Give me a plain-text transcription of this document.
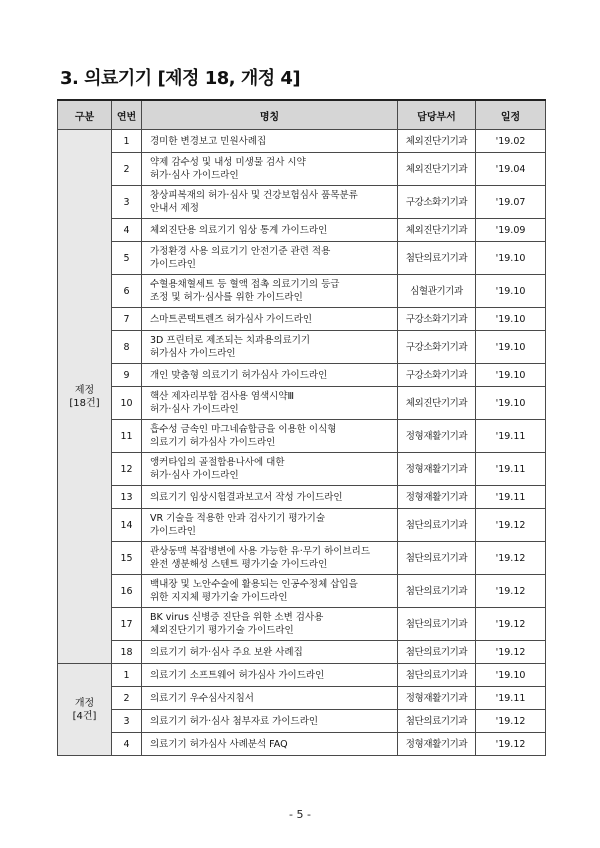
3. 의료기기 [제정 18, 개정 4]
구분	연번	명칭	담당부서	일정

제정
[18건]	1	경미한 변경보고 민원사례집	체외진단기기과	'19.02
	2	약제 감수성 및 내성 미생물 검사 시약
허가·심사 가이드라인	체외진단기기과	'19.04
	3	창상피복재의 허가·심사 및 건강보험심사 품목분류
안내서 제정	구강소화기기과	'19.07
	4	체외진단용 의료기기 임상 통계 가이드라인	체외진단기기과	'19.09
	5	가정환경 사용 의료기기 안전기준 관련 적용
가이드라인	첨단의료기기과	'19.10
	6	수혈용채혈세트 등 혈액 접촉 의료기기의 등급
조정 및 허가·심사를 위한 가이드라인	심혈관기기과	'19.10
	7	스마트콘택트렌즈 허가심사 가이드라인	구강소화기기과	'19.10
	8	3D 프린터로 제조되는 치과용의료기기
허가심사 가이드라인	구강소화기기과	'19.10
	9	개인 맞춤형 의료기기 허가심사 가이드라인	구강소화기기과	'19.10
	10	핵산 제자리부합 검사용 염색시약Ⅲ
허가·심사 가이드라인	체외진단기기과	'19.10
	11	흡수성 금속인 마그네슘합금을 이용한 이식형
의료기기 허가심사 가이드라인	정형재활기기과	'19.11
	12	앵커타입의 골절합용나사에 대한
허가·심사 가이드라인	정형재활기기과	'19.11
	13	의료기기 임상시험결과보고서 작성 가이드라인	정형재활기기과	'19.11
	14	VR 기술을 적용한 안과 검사기기 평가기술
가이드라인	첨단의료기기과	'19.12
	15	관상동맥 복잡병변에 사용 가능한 유·무기 하이브리드
완전 생분해성 스텐트 평가기술 가이드라인	첨단의료기기과	'19.12
	16	백내장 및 노안수술에 활용되는 인공수정체 삽입을
위한 지지체 평가기술 가이드라인	첨단의료기기과	'19.12
	17	BK virus 신병증 진단을 위한 소변 검사용
체외진단기기 평가기술 가이드라인	첨단의료기기과	'19.12
	18	의료기기 허가·심사 주요 보완 사례집	첨단의료기기과	'19.12

개정
[4건]	1	의료기기 소프트웨어 허가심사 가이드라인	첨단의료기기과	'19.10
	2	의료기기 우수심사지침서	정형재활기기과	'19.11
	3	의료기기 허가·심사 첨부자료 가이드라인	첨단의료기기과	'19.12
	4	의료기기 허가심사 사례분석 FAQ	정형재활기기과	'19.12
- 5 -
